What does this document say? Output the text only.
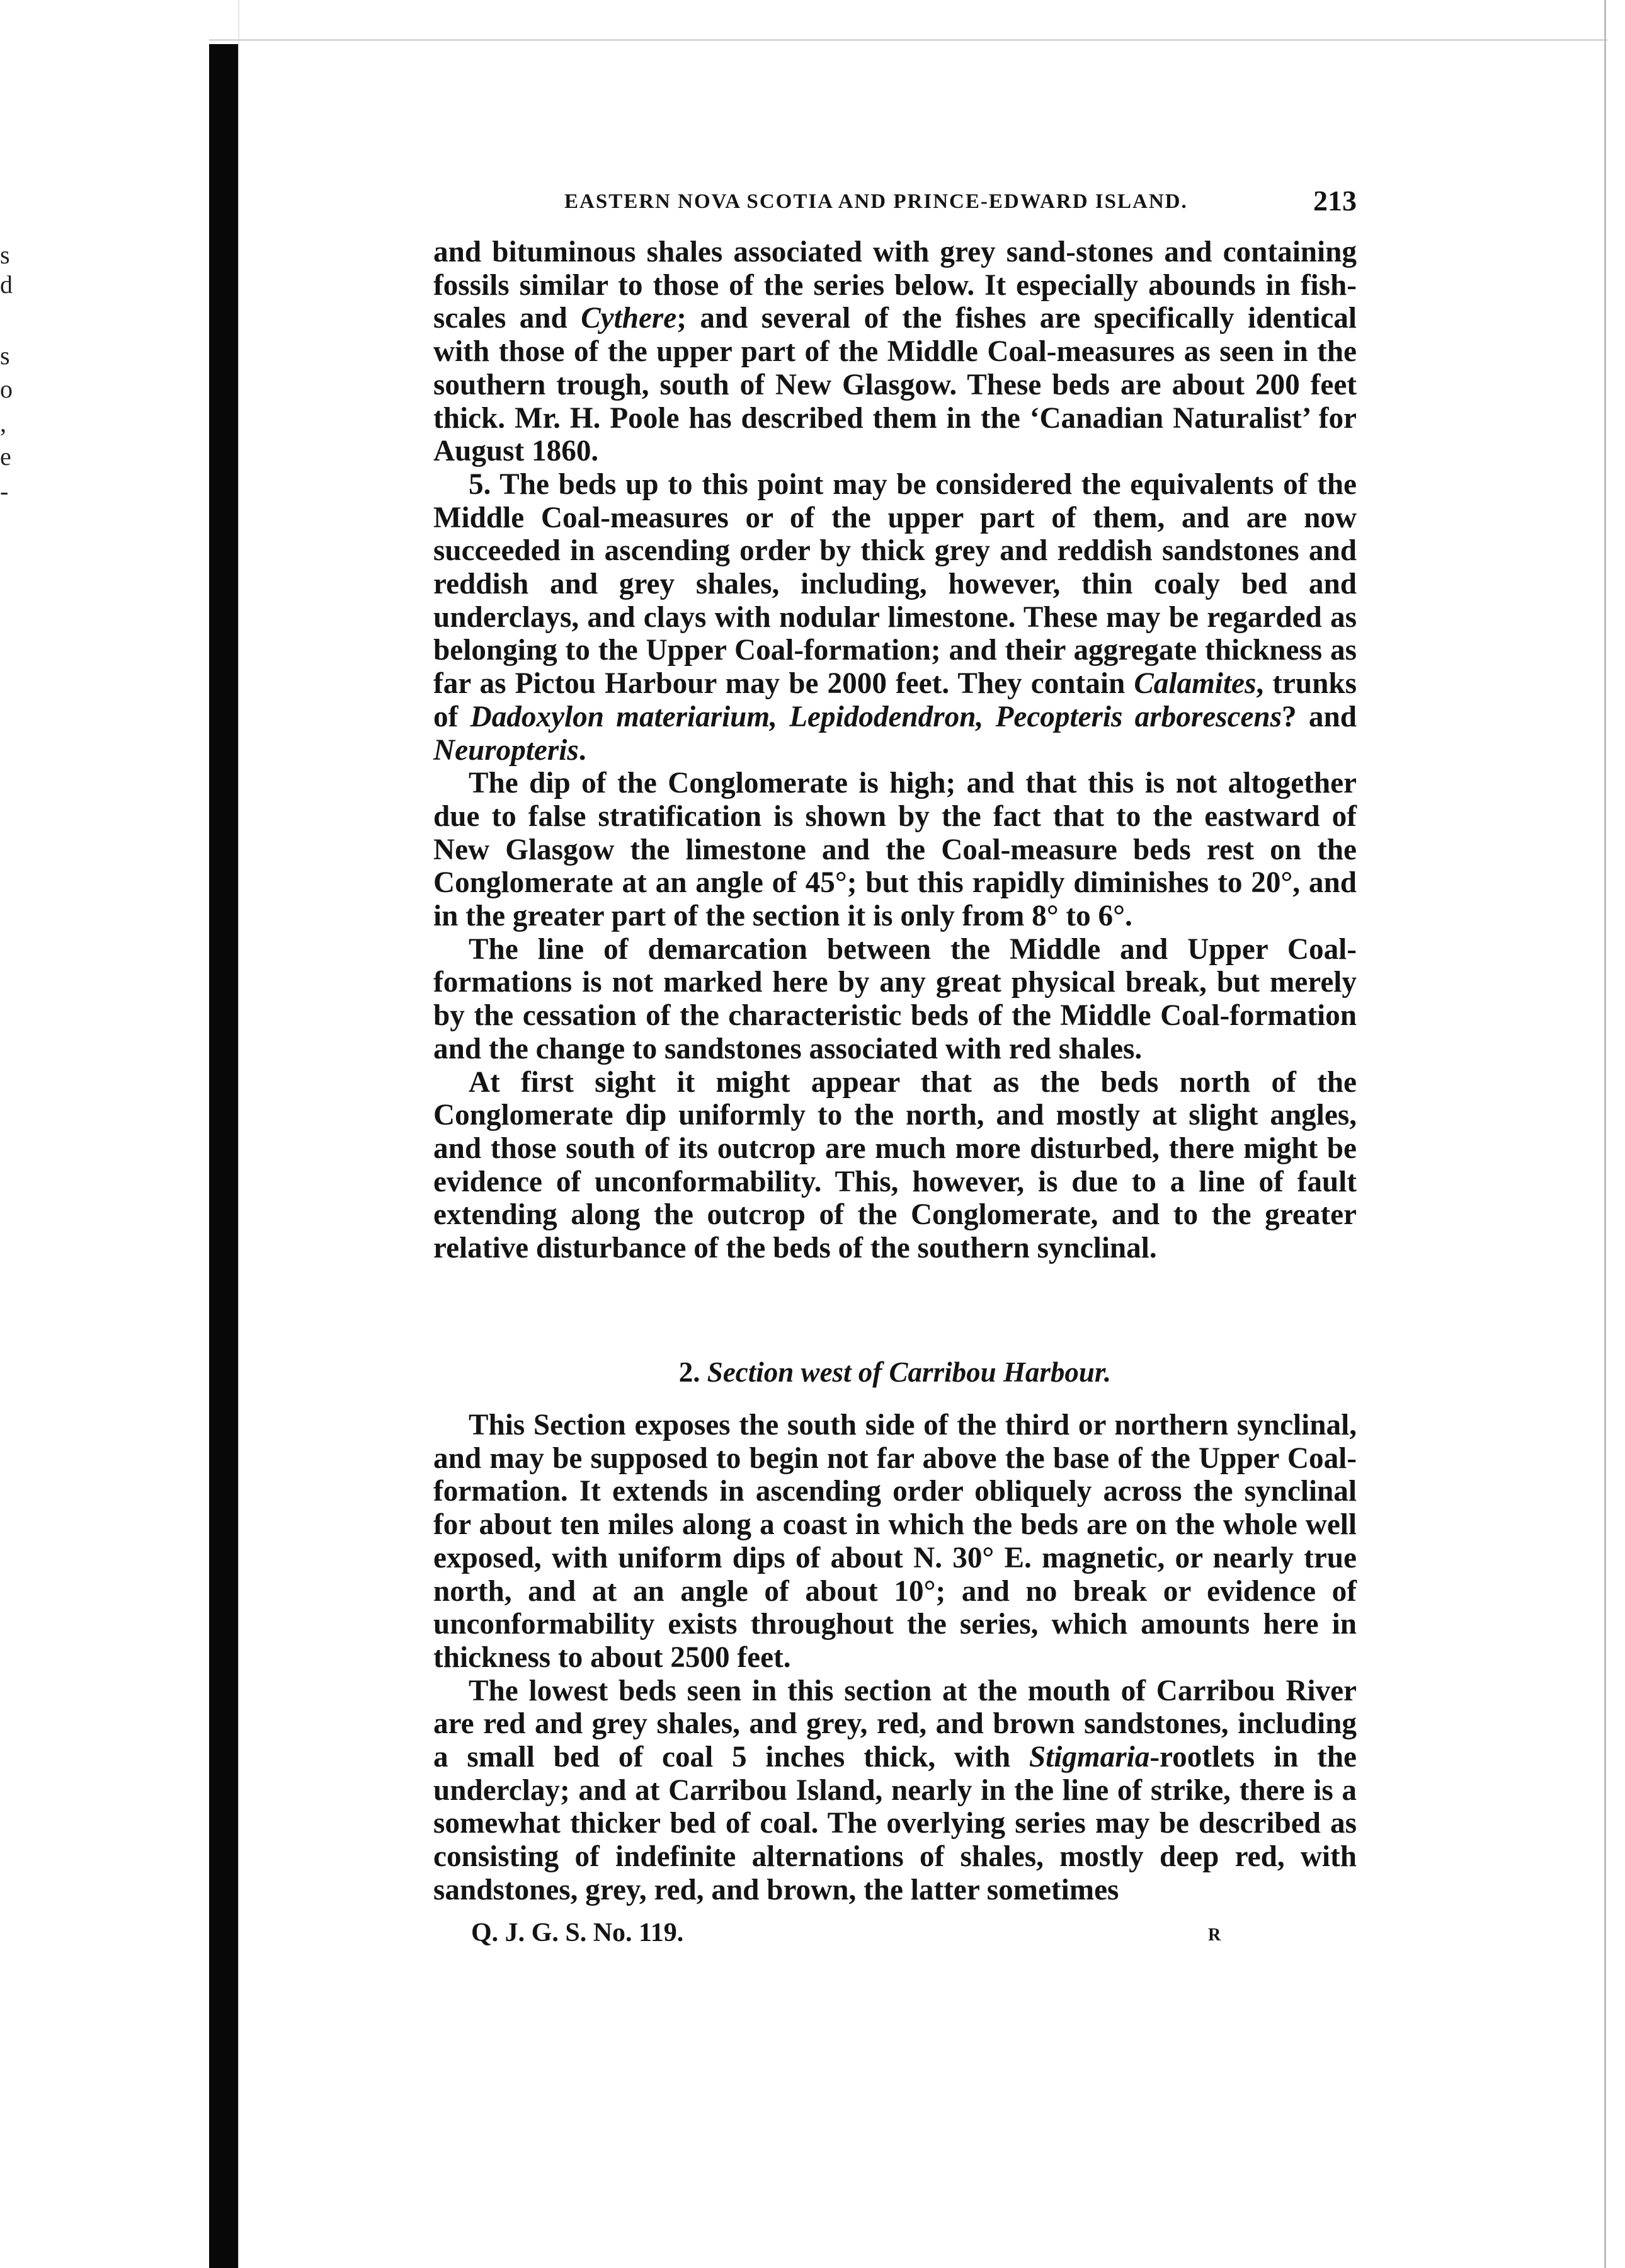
s
d
s
o
,
e
-
EASTERN NOVA SCOTIA AND PRINCE-EDWARD ISLAND.	213

and bituminous shales associated with grey sand-stones and containing fossils similar to those of the series below. It especially abounds in fish-scales and Cythere; and several of the fishes are specifically identical with those of the upper part of the Middle Coal-measures as seen in the southern trough, south of New Glasgow. These beds are about 200 feet thick. Mr. H. Poole has described them in the ‘Canadian Naturalist’ for August 1860.

5. The beds up to this point may be considered the equivalents of the Middle Coal-measures or of the upper part of them, and are now succeeded in ascending order by thick grey and reddish sandstones and reddish and grey shales, including, however, thin coaly bed and underclays, and clays with nodular limestone. These may be regarded as belonging to the Upper Coal-formation; and their aggregate thickness as far as Pictou Harbour may be 2000 feet. They contain Calamites, trunks of Dadoxylon materiarium, Lepidodendron, Pecopteris arborescens? and Neuropteris.

The dip of the Conglomerate is high; and that this is not altogether due to false stratification is shown by the fact that to the eastward of New Glasgow the limestone and the Coal-measure beds rest on the Conglomerate at an angle of 45°; but this rapidly diminishes to 20°, and in the greater part of the section it is only from 8° to 6°.

The line of demarcation between the Middle and Upper Coal-formations is not marked here by any great physical break, but merely by the cessation of the characteristic beds of the Middle Coal-formation and the change to sandstones associated with red shales.

At first sight it might appear that as the beds north of the Conglomerate dip uniformly to the north, and mostly at slight angles, and those south of its outcrop are much more disturbed, there might be evidence of unconformability. This, however, is due to a line of fault extending along the outcrop of the Conglomerate, and to the greater relative disturbance of the beds of the southern synclinal.

2. Section west of Carribou Harbour.

This Section exposes the south side of the third or northern synclinal, and may be supposed to begin not far above the base of the Upper Coal-formation. It extends in ascending order obliquely across the synclinal for about ten miles along a coast in which the beds are on the whole well exposed, with uniform dips of about N. 30° E. magnetic, or nearly true north, and at an angle of about 10°; and no break or evidence of unconformability exists throughout the series, which amounts here in thickness to about 2500 feet.

The lowest beds seen in this section at the mouth of Carribou River are red and grey shales, and grey, red, and brown sandstones, including a small bed of coal 5 inches thick, with Stigmaria-rootlets in the underclay; and at Carribou Island, nearly in the line of strike, there is a somewhat thicker bed of coal. The overlying series may be described as consisting of indefinite alternations of shales, mostly deep red, with sandstones, grey, red, and brown, the latter sometimes

Q. J. G. S. No. 119.	R
